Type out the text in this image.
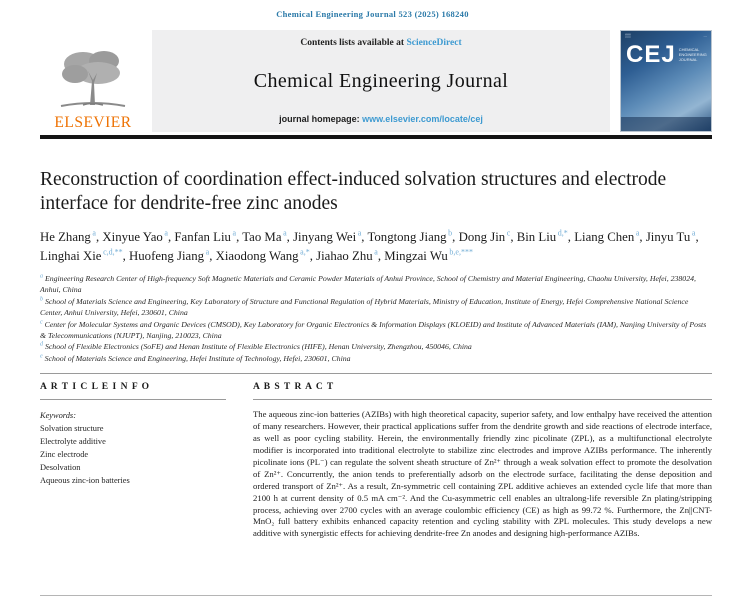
Chemical Engineering Journal 523 (2025) 168240
ELSEVIER
Contents lists available at ScienceDirect
Chemical Engineering Journal
journal homepage: www.elsevier.com/locate/cej
▒▒	—
CEJ CHEMICAL ENGINEERING JOURNAL
Reconstruction of coordination effect-induced solvation structures and electrode interface for dendrite-free zinc anodes
He Zhang $^a$, Xinyue Yao $^a$, Fanfan Liu $^a$, Tao Ma $^a$, Jinyang Wei $^a$, Tongtong Jiang $^b$, Dong Jin $^c$, Bin Liu $^{d,*}$, Liang Chen $^a$, Jinyu Tu $^a$, Linghai Xie $^{c,d,**}$, Huofeng Jiang $^a$, Xiaodong Wang $^{a,*}$, Jiahao Zhu $^a$, Mingzai Wu $^{b,e,***}$
$^a$ Engineering Research Center of High-frequency Soft Magnetic Materials and Ceramic Powder Materials of Anhui Province, School of Chemistry and Material Engineering, Chaohu University, Hefei, 238024, Anhui, China
$^b$ School of Materials Science and Engineering, Key Laboratory of Structure and Functional Regulation of Hybrid Materials, Ministry of Education, Institute of Energy, Hefei Comprehensive National Science Center, Anhui University, Hefei, 230601, China
$^c$ Center for Molecular Systems and Organic Devices (CMSOD), Key Laboratory for Organic Electronics & Information Displays (KLOEID) and Institute of Advanced Materials (IAM), Nanjing University of Posts & Telecommunications (NJUPT), Nanjing, 210023, China
$^d$ School of Flexible Electronics (SoFE) and Henan Institute of Flexible Electronics (HIFE), Henan University, Zhengzhou, 450046, China
$^e$ School of Materials Science and Engineering, Hefei Institute of Technology, Hefei, 230601, China
A R T I C L E I N F O
Keywords:
Solvation structure
Electrolyte additive
Zinc electrode
Desolvation
Aqueous zinc-ion batteries
A B S T R A C T
The aqueous zinc-ion batteries (AZIBs) with high theoretical capacity, superior safety, and low enthalpy have received the attention of many researchers. However, their practical applications suffer from the dendrite growth and side reactions of electrode interface, as well as poor cycling stability. Herein, the environmentally friendly zinc picolinate (ZPL), as a multifunctional electrolyte modifier is incorporated into traditional electrolyte to stabilize zinc electrodes and improve AZIBs performance. The inherently picolinate ions (PL⁻) can regulate the solvent sheath structure of Zn²⁺ through a weak solvation effect to promote the desolvation of Zn²⁺. Concurrently, the anion tends to preferentially adsorb on the electrode surface, facilitating the dense deposition and ordered transport of Zn²⁺. As a result, Zn-symmetric cell containing ZPL additive achieves an extended cycle life that more than 2100 h at current density of 0.5 mA cm⁻². And the Cu-asymmetric cell enables an ultralong-life reversible Zn plating/stripping process, achieving over 2700 cycles with an average coulombic efficiency (CE) as high as 99.72 %. Furthermore, the Zn||CNT-MnO₂ full battery exhibits enhanced capacity retention and cycling stability with ZPL molecules. This study develops a new additive with synergistic effects for achieving dendrite-free Zn anodes and designing high-performance AZIBs.
